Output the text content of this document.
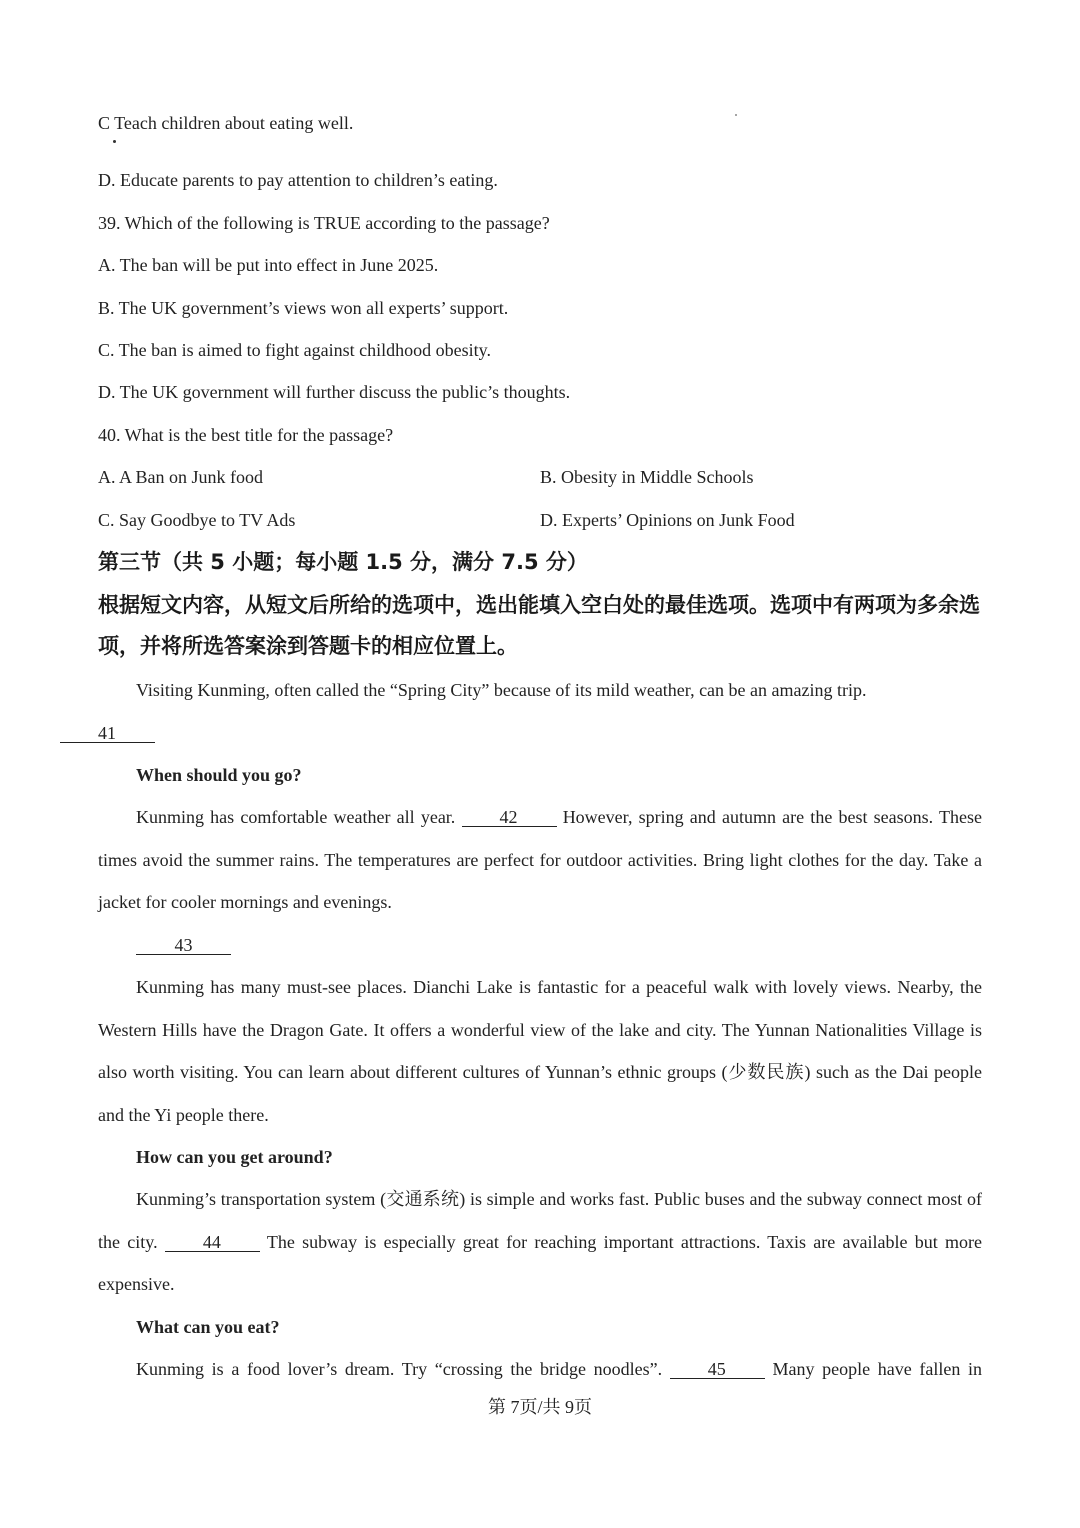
C Teach children about eating well.
D. Educate parents to pay attention to children’s eating.
39. Which of the following is TRUE according to the passage?
A. The ban will be put into effect in June 2025.
B. The UK government’s views won all experts’ support.
C. The ban is aimed to fight against childhood obesity.
D. The UK government will further discuss the public’s thoughts.
40. What is the best title for the passage?
A. A Ban on Junk food	B. Obesity in Middle Schools
C. Say Goodbye to TV Ads	D. Experts’ Opinions on Junk Food
第三节（共 5 小题；每小题 1.5 分，满分 7.5 分）
根据短文内容，从短文后所给的选项中，选出能填入空白处的最佳选项。选项中有两项为多余选项，并将所选答案涂到答题卡的相应位置上。
Visiting Kunming, often called the “Spring City” because of its mild weather, can be an amazing trip.
41
When should you go?
Kunming has comfortable weather all year. 42	However, spring and autumn are the best seasons. These times avoid the summer rains. The temperatures are perfect for outdoor activities. Bring light clothes for the day. Take a jacket for cooler mornings and evenings.
43
Kunming has many must-see places. Dianchi Lake is fantastic for a peaceful walk with lovely views. Nearby, the Western Hills have the Dragon Gate. It offers a wonderful view of the lake and city. The Yunnan Nationalities Village is also worth visiting. You can learn about different cultures of Yunnan’s ethnic groups (少数民族) such as the Dai people and the Yi people there.
How can you get around?
Kunming’s transportation system (交通系统) is simple and works fast. Public buses and the subway connect most of the city.	44	The subway is especially great for reaching important attractions. Taxis are available but more expensive.
What can you eat?
Kunming is a food lover’s dream. Try “crossing the bridge noodles”.	45	Many people have fallen in
第 7页/共 9页
